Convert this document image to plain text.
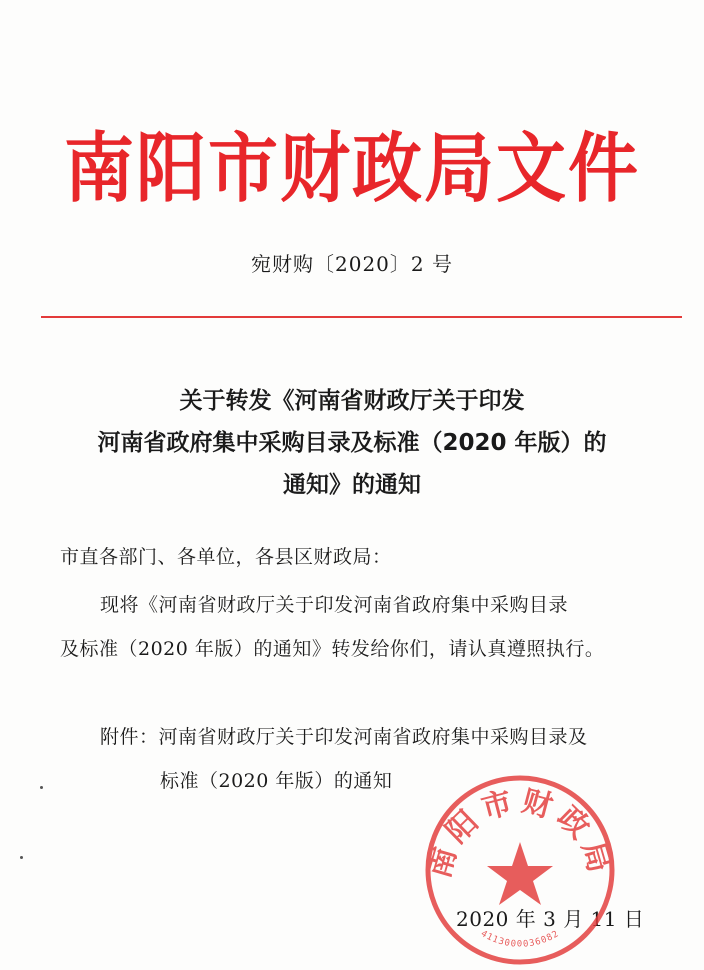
南阳市财政局文件
宛财购〔2020〕2 号
关于转发《河南省财政厅关于印发
河南省政府集中采购目录及标准（2020 年版）的
通知》的通知
市直各部门、各单位，各县区财政局：
现将《河南省财政厅关于印发河南省政府集中采购目录
及标准（2020 年版）的通知》转发给你们，请认真遵照执行。
附件：河南省财政厅关于印发河南省政府集中采购目录及
标准（2020 年版）的通知
2020 年 3 月 11 日
南阳市财政局
4113000036082
